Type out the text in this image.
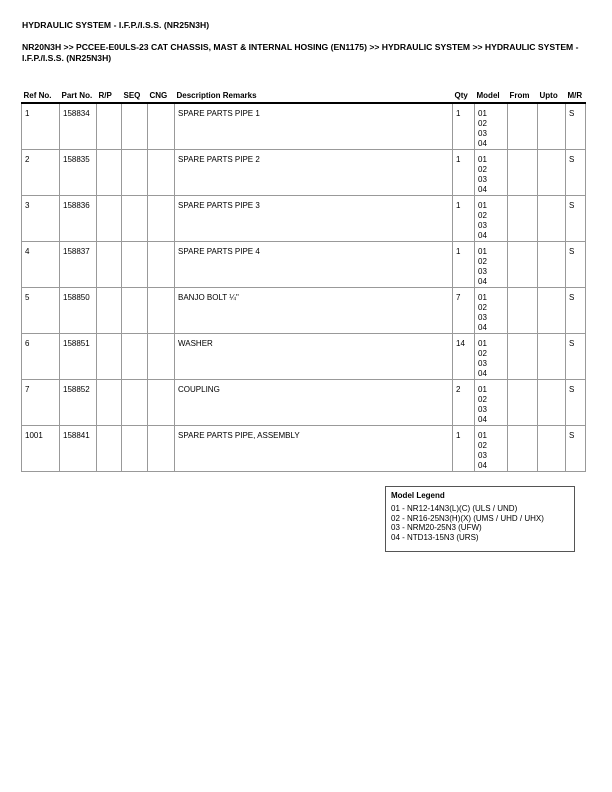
HYDRAULIC SYSTEM - I.F.P./I.S.S. (NR25N3H)
NR20N3H >> PCCEE-E0ULS-23 CAT CHASSIS, MAST & INTERNAL HOSING (EN1175) >> HYDRAULIC SYSTEM >> HYDRAULIC SYSTEM - I.F.P./I.S.S. (NR25N3H)
Ref No.	Part No.	R/P	SEQ	CNG	Description Remarks	Qty	Model	From	Upto	M/R
1	158834				SPARE PARTS PIPE 1	1	01
02
03
04			S
2	158835				SPARE PARTS PIPE 2	1	01
02
03
04			S
3	158836				SPARE PARTS PIPE 3	1	01
02
03
04			S
4	158837				SPARE PARTS PIPE 4	1	01
02
03
04			S
5	158850				BANJO BOLT ¼"	7	01
02
03
04			S
6	158851				WASHER	14	01
02
03
04			S
7	158852				COUPLING	2	01
02
03
04			S
1001	158841				SPARE PARTS PIPE, ASSEMBLY	1	01
02
03
04			S
Model Legend
01 - NR12-14N3(L)(C) (ULS / UND)
02 - NR16-25N3(H)(X) (UMS / UHD / UHX)
03 - NRM20-25N3 (UFW)
04 - NTD13-15N3 (URS)
